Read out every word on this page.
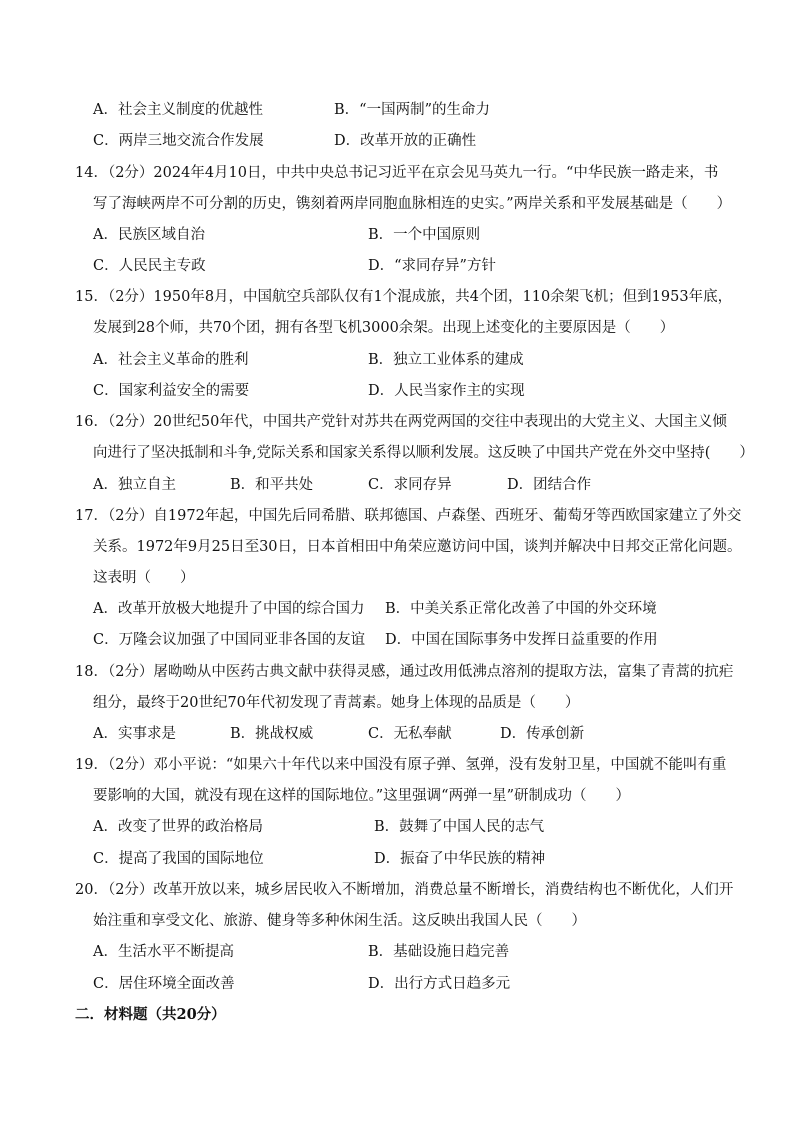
A．社会主义制度的优越性	B．“一国两制”的生命力
C．两岸三地交流合作发展	D．改革开放的正确性
14．（2分）2024年4月10日，中共中央总书记习近平在京会见马英九一行。“中华民族一路走来，书
写了海峡两岸不可分割的历史，镌刻着两岸同胞血脉相连的史实。”两岸关系和平发展基础是（　　）
A．民族区域自治	B．一个中国原则
C．人民民主专政	D．“求同存异”方针
15．（2分）1950年8月，中国航空兵部队仅有1个混成旅，共4个团，110余架飞机；但到1953年底，
发展到28个师，共70个团，拥有各型飞机3000余架。出现上述变化的主要原因是（　　）
A．社会主义革命的胜利	B．独立工业体系的建成
C．国家利益安全的需要	D．人民当家作主的实现
16．（2分）20世纪50年代，中国共产党针对苏共在两党两国的交往中表现出的大党主义、大国主义倾
向进行了坚决抵制和斗争,党际关系和国家关系得以顺利发展。这反映了中国共产党在外交中坚持(　　）
A．独立自主	B．和平共处	C．求同存异	D．团结合作
17．（2分）自1972年起，中国先后同希腊、联邦德国、卢森堡、西班牙、葡萄牙等西欧国家建立了外交
关系。1972年9月25日至30日，日本首相田中角荣应邀访问中国，谈判并解决中日邦交正常化问题。
这表明（　　）
A．改革开放极大地提升了中国的综合国力 B．中美关系正常化改善了中国的外交环境
C．万隆会议加强了中国同亚非各国的友谊 D．中国在国际事务中发挥日益重要的作用
18．（2分）屠呦呦从中医药古典文献中获得灵感，通过改用低沸点溶剂的提取方法，富集了青蒿的抗疟
组分，最终于20世纪70年代初发现了青蒿素。她身上体现的品质是（　　）
A．实事求是	B．挑战权威	C．无私奉献	D．传承创新
19．（2分）邓小平说：“如果六十年代以来中国没有原子弹、氢弹，没有发射卫星，中国就不能叫有重
要影响的大国，就没有现在这样的国际地位。”这里强调“两弹一星”研制成功（　　）
A．改变了世界的政治格局	B．鼓舞了中国人民的志气
C．提高了我国的国际地位	D．振奋了中华民族的精神
20．（2分）改革开放以来，城乡居民收入不断增加，消费总量不断增长，消费结构也不断优化，人们开
始注重和享受文化、旅游、健身等多种休闲生活。这反映出我国人民（　　）
A．生活水平不断提高	B．基础设施日趋完善
C．居住环境全面改善	D．出行方式日趋多元
二．材料题（共20分）
